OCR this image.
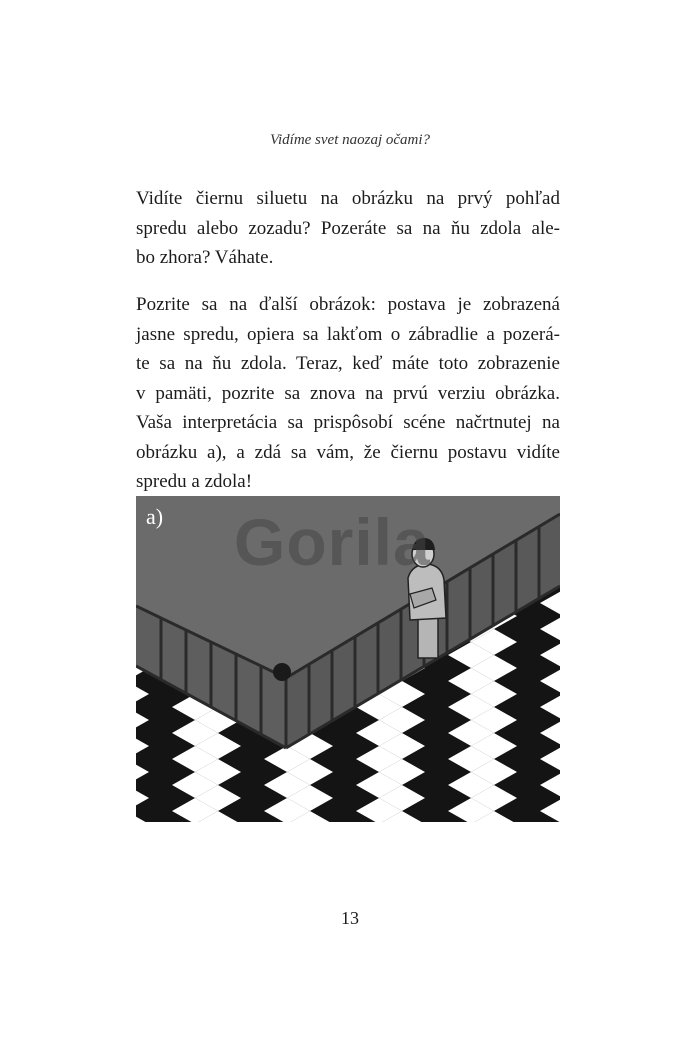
Vidíme svet naozaj očami?

Vidíte čiernu siluetu na obrázku na prvý pohľad
spredu alebo zozadu? Pozeráte sa na ňu zdola ale-
bo zhora? Váhate.

Pozrite sa na ďalší obrázok: postava je zobrazená
jasne spredu, opiera sa lakťom o zábradlie a pozerá-
te sa na ňu zdola. Teraz, keď máte toto zobrazenie
v pamäti, pozrite sa znova na prvú verziu obrázka.
Vaša interpretácia sa prispôsobí scéne načrtnutej na
obrázku a), a zdá sa vám, že čiernu postavu vidíte
spredu a zdola!

a) Gorila
13
